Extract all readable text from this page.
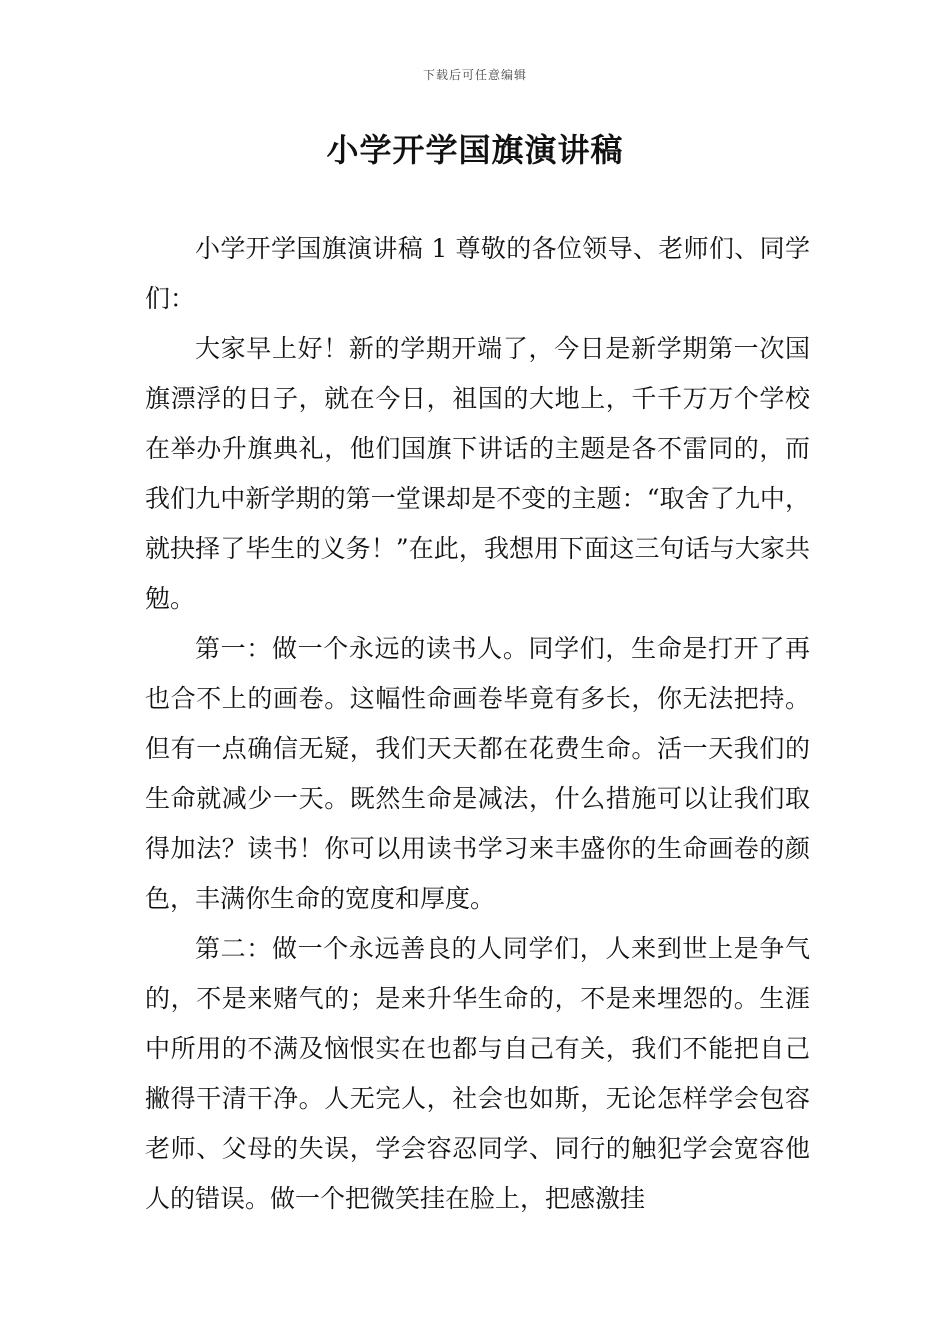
下载后可任意编辑
小学开学国旗演讲稿

小学开学国旗演讲稿 1 尊敬的各位领导、老师们、同学们：

大家早上好！新的学期开端了，今日是新学期第一次国旗漂浮的日子，就在今日，祖国的大地上，千千万万个学校在举办升旗典礼，他们国旗下讲话的主题是各不雷同的，而我们九中新学期的第一堂课却是不变的主题：“取舍了九中，就抉择了毕生的义务！”在此，我想用下面这三句话与大家共勉。

第一：做一个永远的读书人。同学们，生命是打开了再也合不上的画卷。这幅性命画卷毕竟有多长，你无法把持。但有一点确信无疑，我们天天都在花费生命。活一天我们的生命就减少一天。既然生命是减法，什么措施可以让我们取得加法？读书！你可以用读书学习来丰盛你的生命画卷的颜色，丰满你生命的宽度和厚度。

第二：做一个永远善良的人同学们，人来到世上是争气的，不是来赌气的；是来升华生命的，不是来埋怨的。生涯中所用的不满及恼恨实在也都与自己有关，我们不能把自己撇得干清干净。人无完人，社会也如斯，无论怎样学会包容老师、父母的失误，学会容忍同学、同行的触犯学会宽容他人的错误。做一个把微笑挂在脸上，把感激挂
